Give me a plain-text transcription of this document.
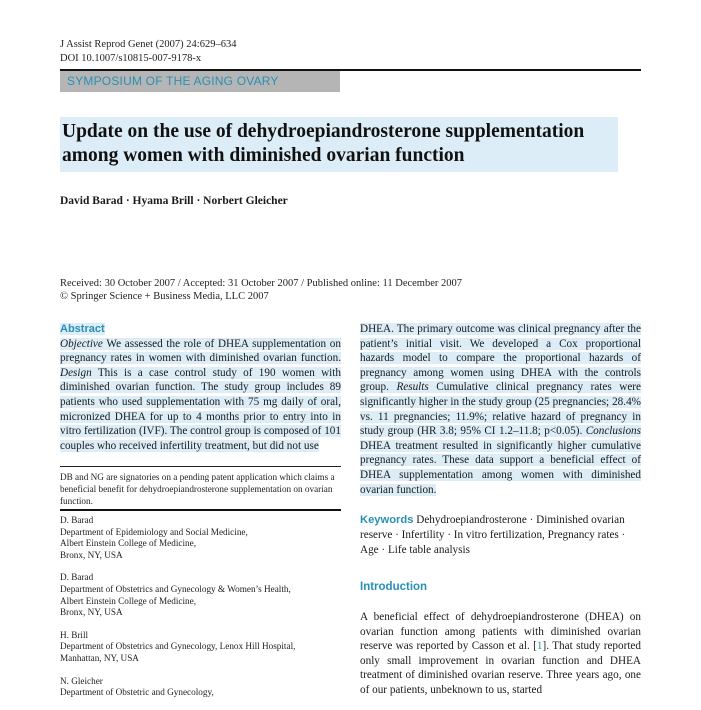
J Assist Reprod Genet (2007) 24:629–634
DOI 10.1007/s10815-007-9178-x
SYMPOSIUM OF THE AGING OVARY
Update on the use of dehydroepiandrosterone supplementation
among women with diminished ovarian function
David Barad · Hyama Brill · Norbert Gleicher
Received: 30 October 2007 / Accepted: 31 October 2007 / Published online: 11 December 2007
© Springer Science + Business Media, LLC 2007
Abstract
Objective We assessed the role of DHEA supplementation on pregnancy rates in women with diminished ovarian function. Design This is a case control study of 190 women with diminished ovarian function. The study group includes 89 patients who used supplementation with 75 mg daily of oral, micronized DHEA for up to 4 months prior to entry into in vitro fertilization (IVF). The control group is composed of 101 couples who received infertility treatment, but did not use
DHEA. The primary outcome was clinical pregnancy after the patient’s initial visit. We developed a Cox proportional hazards model to compare the proportional hazards of pregnancy among women using DHEA with the controls group. Results Cumulative clinical pregnancy rates were significantly higher in the study group (25 pregnancies; 28.4% vs. 11 pregnancies; 11.9%; relative hazard of pregnancy in study group (HR 3.8; 95% CI 1.2–11.8; p<0.05). Conclusions DHEA treatment resulted in significantly higher cumulative pregnancy rates. These data support a beneficial effect of DHEA supplementation among women with diminished ovarian function.
DB and NG are signatories on a pending patent application which claims a beneficial benefit for dehydroepiandrosterone supplementation on ovarian function.
D. Barad
Department of Epidemiology and Social Medicine,
Albert Einstein College of Medicine,
Bronx, NY, USA
D. Barad
Department of Obstetrics and Gynecology & Women’s Health,
Albert Einstein College of Medicine,
Bronx, NY, USA
H. Brill
Department of Obstetrics and Gynecology, Lenox Hill Hospital,
Manhattan, NY, USA
N. Gleicher
Department of Obstetric and Gynecology,
Keywords Dehydroepiandrosterone · Diminished ovarian reserve · Infertility · In vitro fertilization, Pregnancy rates · Age · Life table analysis
Introduction
A beneficial effect of dehydroepiandrosterone (DHEA) on ovarian function among patients with diminished ovarian reserve was reported by Casson et al. [1]. That study reported only small improvement in ovarian function and DHEA treatment of diminished ovarian reserve. Three years ago, one of our patients, unbeknown to us, started
